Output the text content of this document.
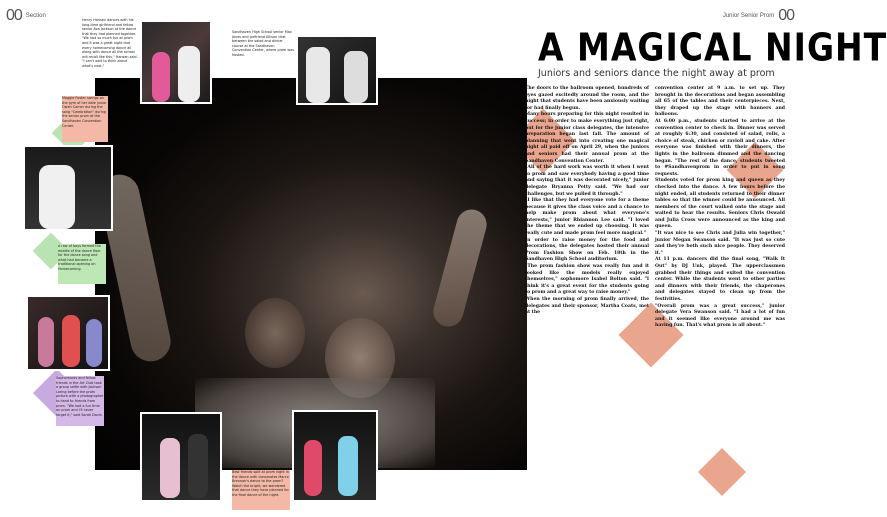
00 Section	Junior Senior Prom 00
A MAGICAL NIGHT
Juniors and seniors dance the night away at prom
The doors to the ballroom opened, hundreds of eyes gazed excitedly around the room, and the night that students have been anxiously waiting for had finally begun.
Many hours preparing for this night resulted in success; in order to make everything just right, but for the junior class delegates, the intensive preparation began last fall. The amount of planning that went into creating one magical night all paid off on April 29, when the juniors and seniors had their annual prom at the Sandhaven Convention Center.
"All of the hard work was worth it when I went to prom and saw everybody having a good time and saying that it was decorated nicely," junior delegate Bryanna Petty said. "We had our challenges, but we pulled it through."
"I like that they had everyone vote for a theme because it gives the class voice and a chance to help make prom about what everyone's interests," junior Rhiannon Lee said. "I loved the theme that we ended up choosing. It was really cute and made prom feel more magical."
In order to raise money for the food and decorations, the delegates hosted their annual Prom Fashion Show on Feb. 18th in the Sandhaven High School auditorium.
"The prom fashion show was really fun and it looked like the models really enjoyed themselves," sophomore Isabel Bolton said. "I think it's a great event for the students going to prom and a great way to raise money."
When the morning of prom finally arrived, the delegates and their sponsor, Martha Coats, met at the
convention center at 9 a.m. to set up. They brought in the decorations and began assembling all 65 of the tables and their centerpieces. Next, they draped up the stage with banners and balloons.
At 6:00 p.m., students started to arrive at the convention center to check in. Dinner was served at roughly 6:30, and consisted of salad, rolls, a choice of steak, chicken or ravioli and cake. After everyone was finished with their dinners, the lights in the ballroom dimmed and the dancing began. "The rest of the dance, students tweeted to #Sandhavenprom in order to put in song requests.
Students voted for prom king and queen as they checked into the dance. A few hours before the night ended, all students returned to their dinner tables so that the winner could be announced. All members of the court walked onto the stage and waited to hear the results. Seniors Chris Oswald and Julia Cross were announced as the king and queen.
"It was nice to see Chris and Julia win together," junior Megan Swanson said. "It was just so cute and they're both such nice people. They deserved it."
At 11 p.m. dancers did the final song, "Walk It Out" by DJ Unk, played. The upperclassmen grabbed their things and exited the convention center. While the students went to other parties and dinners with their friends, the chaperones and delegates stayed to clean up from the festivities.
"Overall prom was a great success," junior delegate Vera Swanson said. "I had a lot of fun and it seemed like everyone around me was having fun. That's what prom is all about."
Henry Hansen dances with his long-time girlfriend and fellow senior Ava Jackson at the dance that they had planned together. "We had so much fun at prom and it was a great night that every homecoming dance all along with dance all the school will recall like this," Hansen said. "I can't wait to think about what's next."
Sandhaven High School senior Max Jones and girlfriend Allison chat between the salad and dinner course at the Sandhaven Convention Center, where prom was hosted.
Maggie Foster swings on the gym of her date junior Owen Camer during the song "Celebration" during the senior prom at the Sandhaven Convention Center.
A row of boys formed the middle of the dance floor for the dance song and what had become a traditional opening on Homecoming.
Sophomores and fellow friends in the Art Club took a group selfie with Jackson Loring before the prom picture with a photographer to hand to friends from prom. "We had a fun time on prom and I'll never forget it," said Sarah Davis.
Best friends split at prom night in the dance with classmates Marco Brennan's dance to the prom? Watch the bright, we wondered that dance they have planned for the final dance of the night.
